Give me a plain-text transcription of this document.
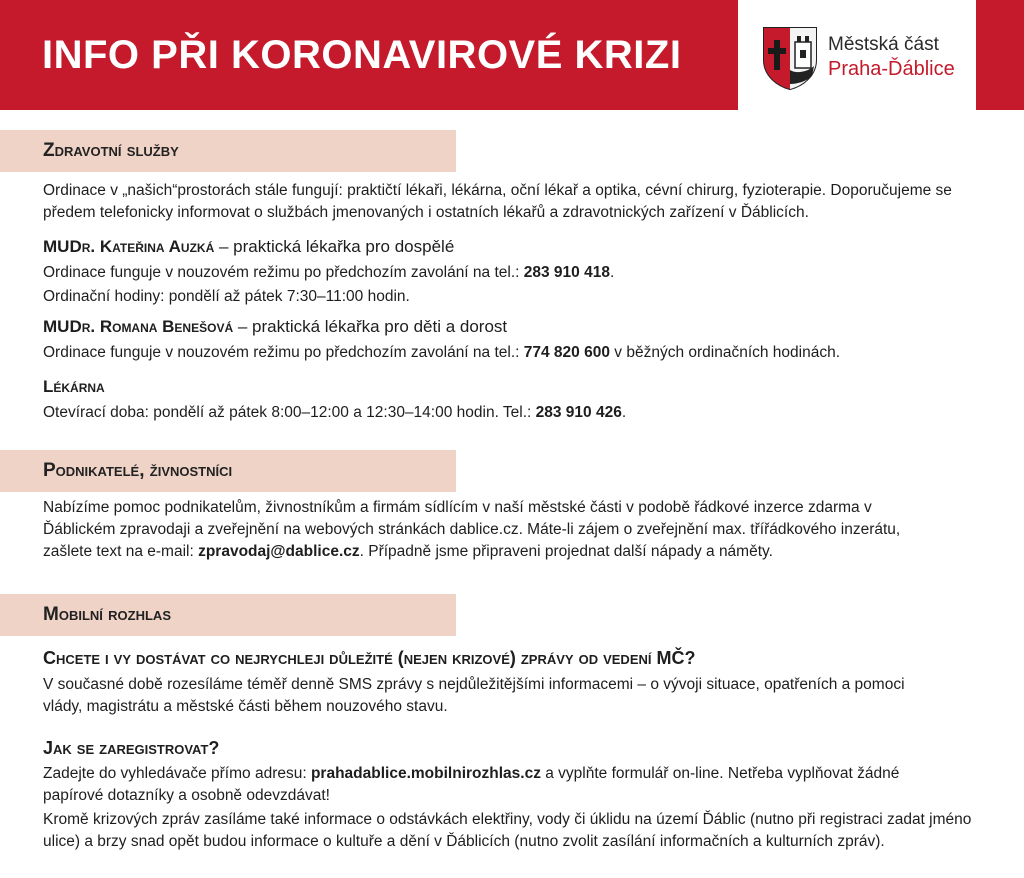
INFO PŘI KORONAVIROVÉ KRIZI	Městská část
Praha-Ďáblice
Zdravotní služby
Ordinace v „našich“prostorách stále fungují: praktičtí lékaři, lékárna, oční lékař a optika, cévní chirurg, fyzioterapie. Doporučujeme se předem telefonicky informovat o službách jmenovaných i ostatních lékařů a zdravotnických zařízení v Ďáblicích.
MUDr. Kateřina Auzká – praktická lékařka pro dospělé
Ordinace funguje v nouzovém režimu po předchozím zavolání na tel.: 283 910 418.
Ordinační hodiny: pondělí až pátek 7:30–11:00 hodin.
MUDr. Romana Benešová – praktická lékařka pro děti a dorost
Ordinace funguje v nouzovém režimu po předchozím zavolání na tel.: 774 820 600 v běžných ordinačních hodinách.
Lékárna
Otevírací doba: pondělí až pátek 8:00–12:00 a 12:30–14:00 hodin. Tel.: 283 910 426.
Podnikatelé, živnostníci
Nabízíme pomoc podnikatelům, živnostníkům a firmám sídlícím v naší městské části v podobě řádkové inzerce zdarma v Ďáblickém zpravodaji a zveřejnění na webových stránkách dablice.cz. Máte-li zájem o zveřejnění max. třířádkového inzerátu, zašlete text na e-mail: zpravodaj@dablice.cz. Případně jsme připraveni projednat další nápady a náměty.
Mobilní rozhlas
Chcete i vy dostávat co nejrychleji důležité (nejen krizové) zprávy od vedení MČ?
V současné době rozesíláme téměř denně SMS zprávy s nejdůležitějšími informacemi – o vývoji situace, opatřeních a pomoci vlády, magistrátu a městské části během nouzového stavu.
Jak se zaregistrovat?
Zadejte do vyhledávače přímo adresu: prahadablice.mobilnirozhlas.cz a vyplňte formulář on-line. Netřeba vyplňovat žádné papírové dotazníky a osobně odevzdávat!
Kromě krizových zpráv zasíláme také informace o odstávkách elektřiny, vody či úklidu na území Ďáblic (nutno při registraci zadat jméno ulice) a brzy snad opět budou informace o kultuře a dění v Ďáblicích (nutno zvolit zasílání informačních a kulturních zpráv).
